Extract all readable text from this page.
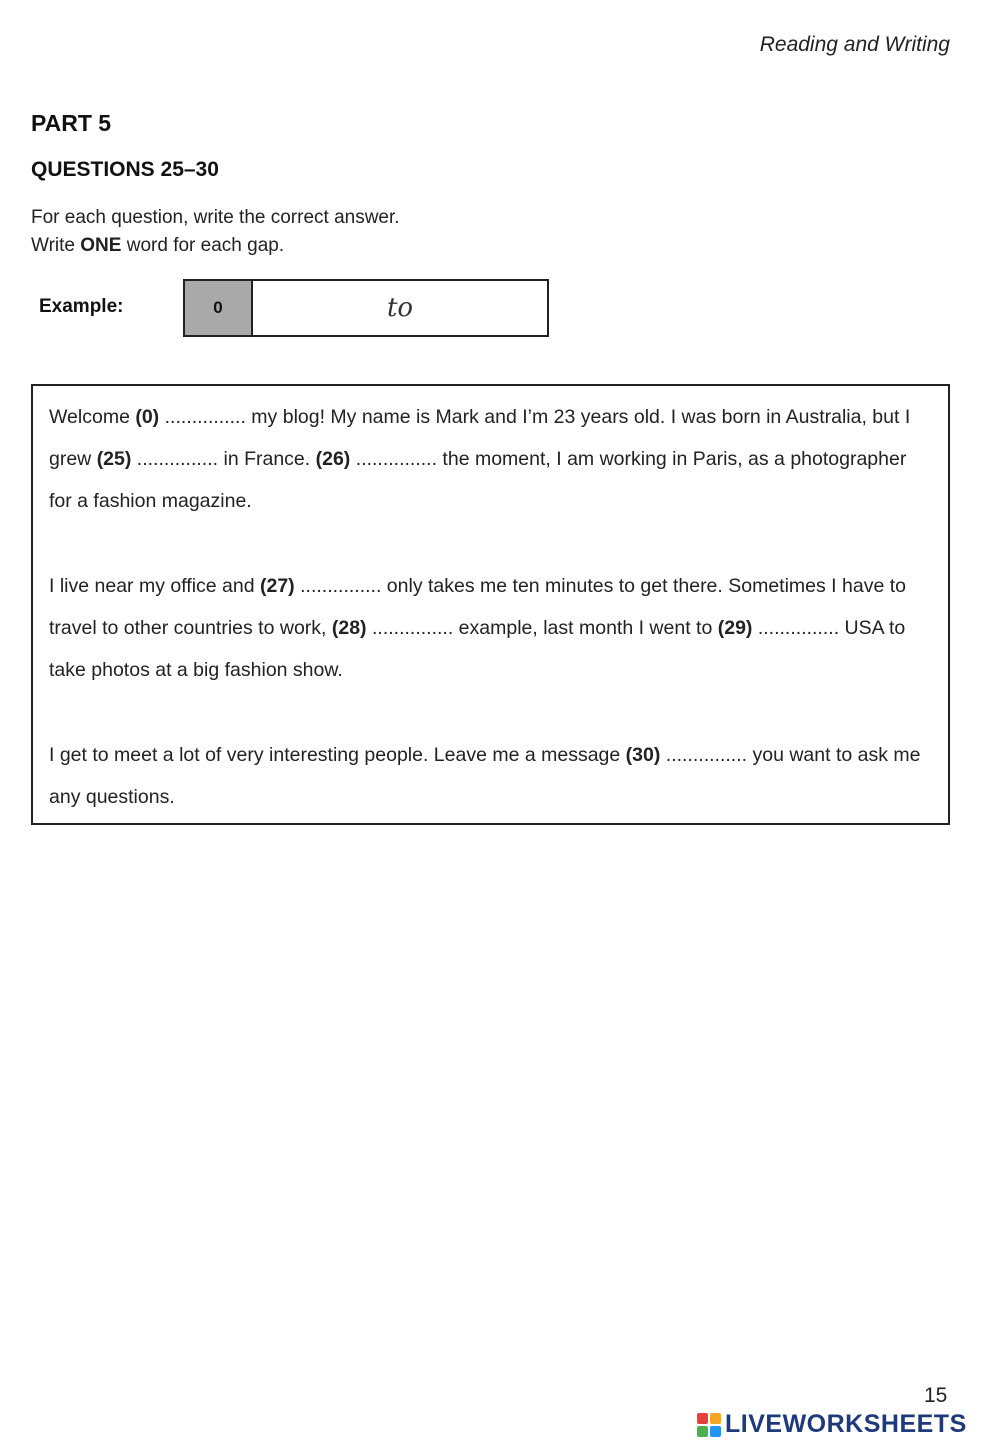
Reading and Writing
PART 5
QUESTIONS 25–30
For each question, write the correct answer.
Write ONE word for each gap.
Example:	0	to
Welcome (0) ............... my blog! My name is Mark and I’m 23 years old. I was born in Australia, but I grew (25) ............... in France. (26) ............... the moment, I am working in Paris, as a photographer for a fashion magazine.
I live near my office and (27) ............... only takes me ten minutes to get there. Sometimes I have to travel to other countries to work, (28) ............... example, last month I went to (29) ............... USA to take photos at a big fashion show.
I get to meet a lot of very interesting people. Leave me a message (30) ............... you want to ask me any questions.
15
LIVEWORKSHEETS
